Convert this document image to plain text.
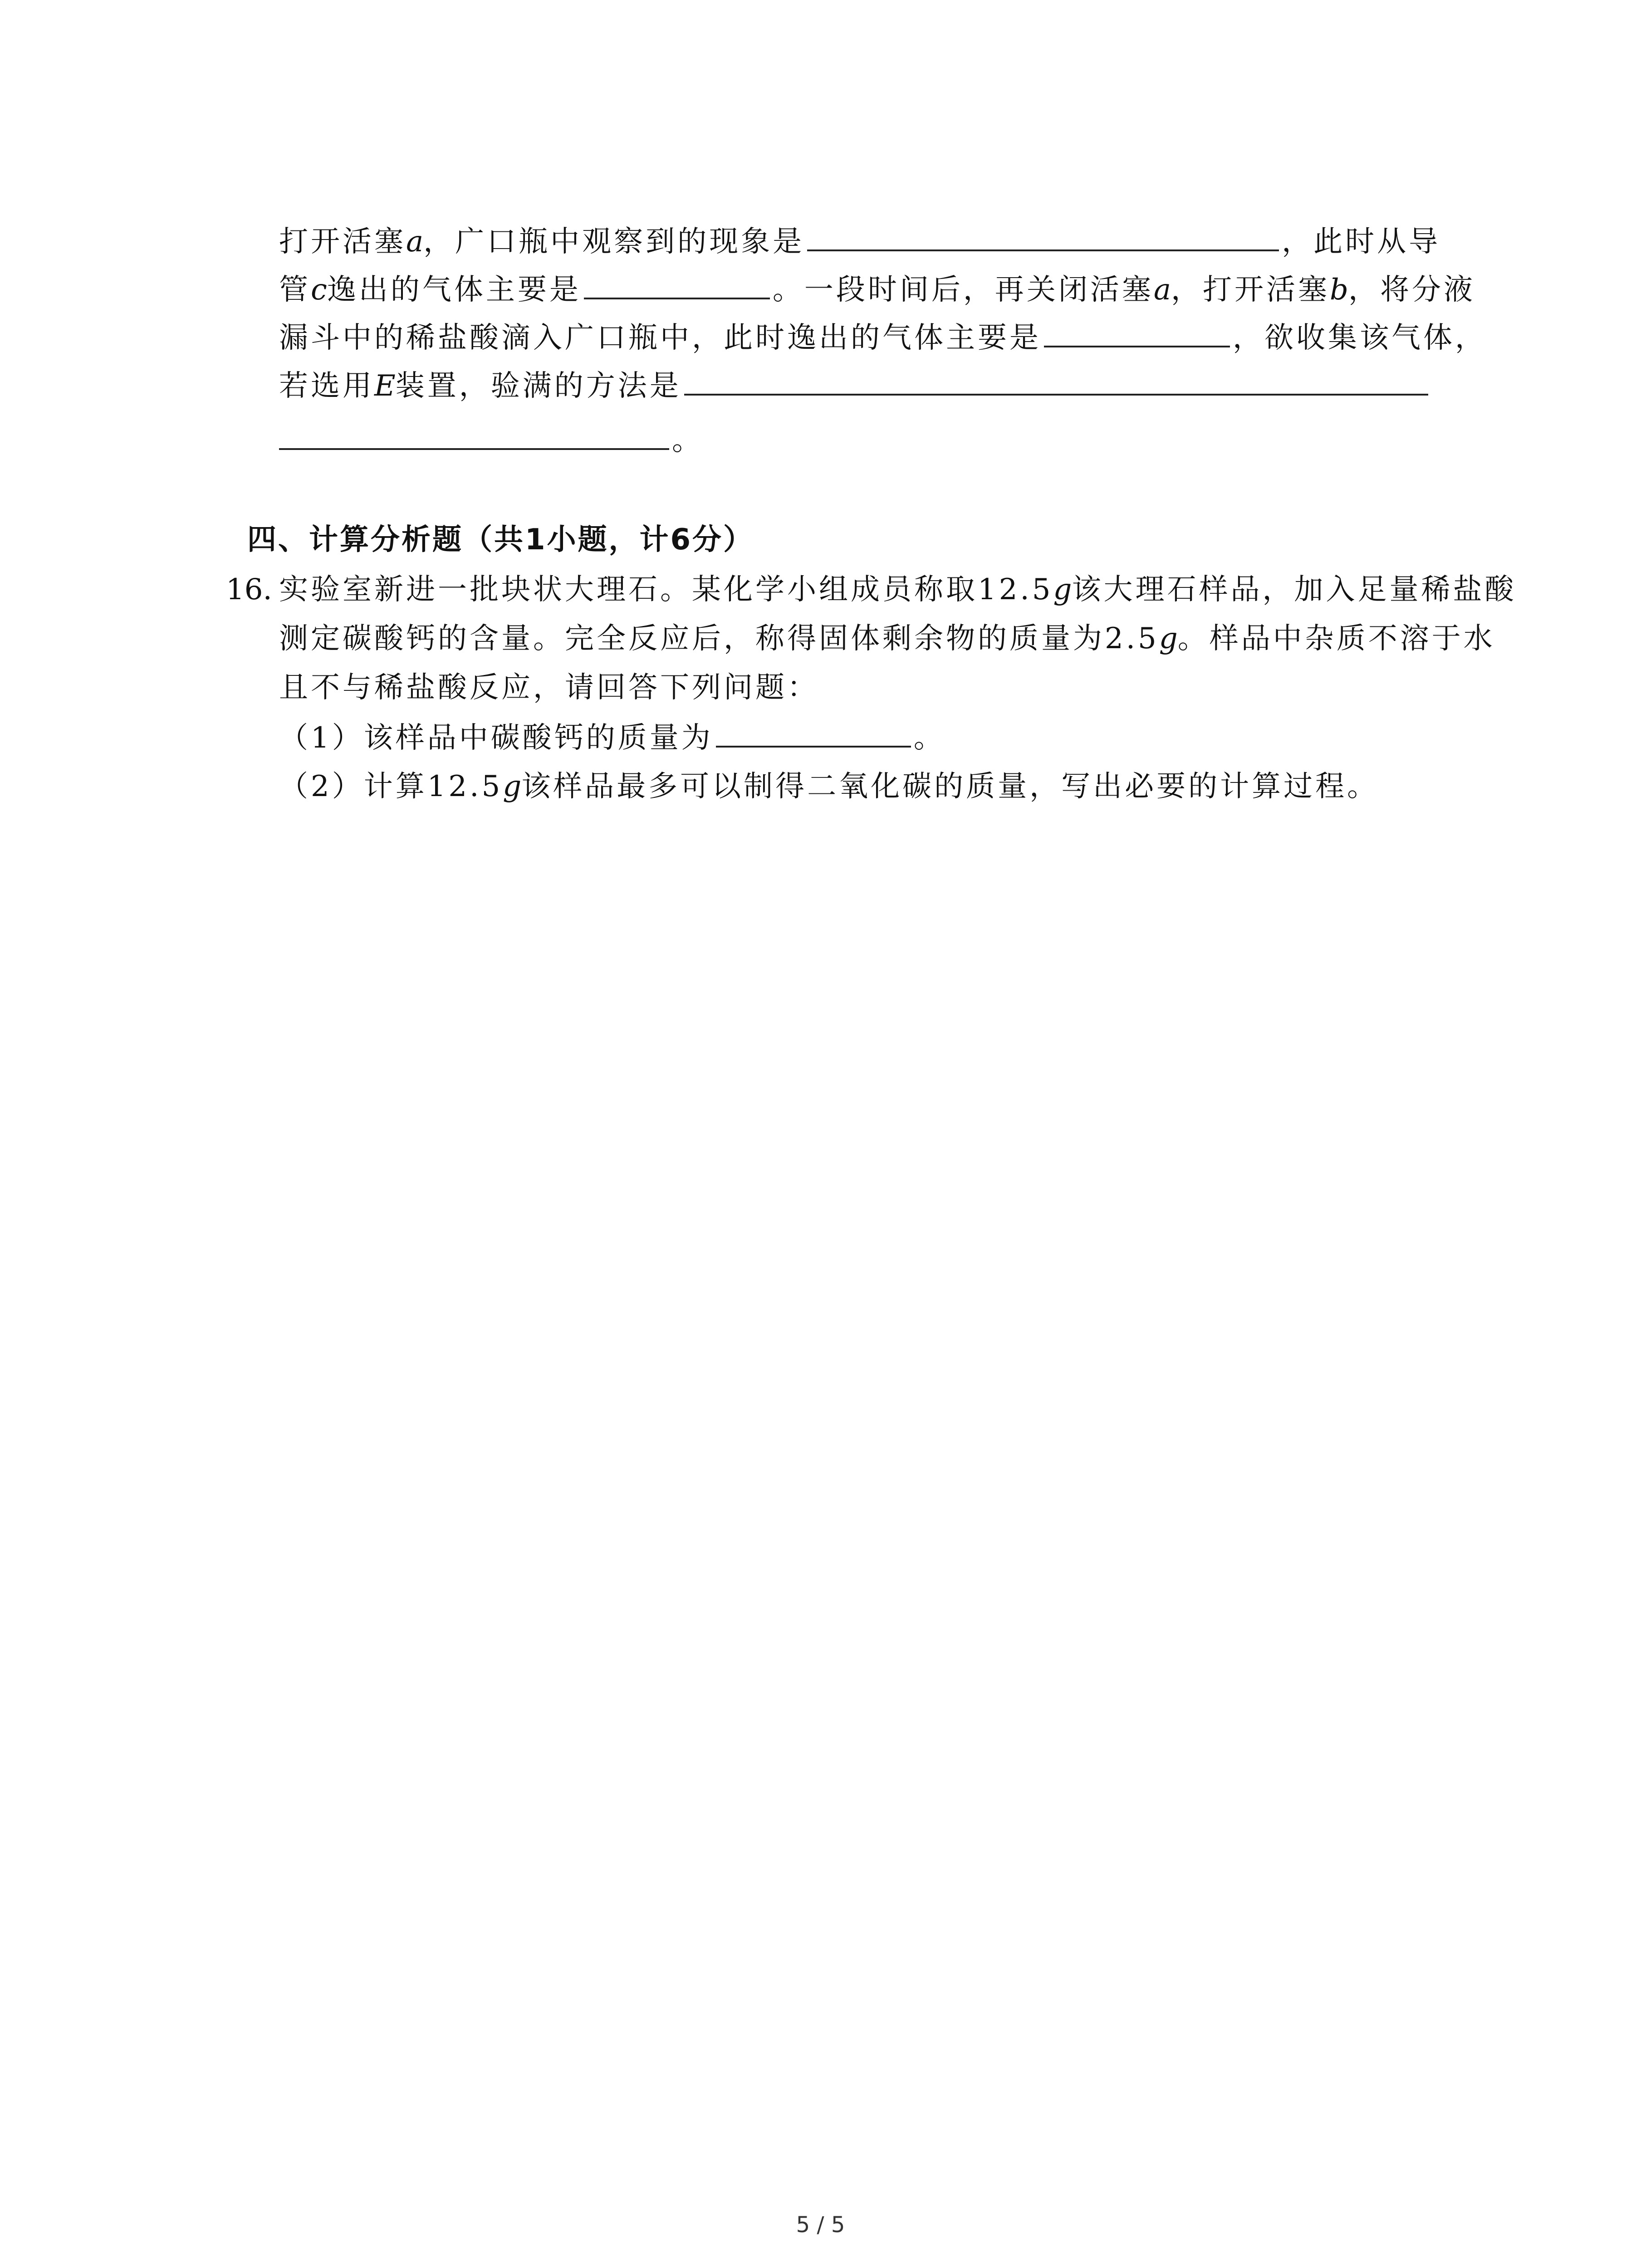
打开活塞a，广口瓶中观察到的现象是	，此时从导
管c逸出的气体主要是	。一段时间后，再关闭活塞a，打开活塞b，将分液
漏斗中的稀盐酸滴入广口瓶中，此时逸出的气体主要是	，欲收集该气体，
若选用E装置，验满的方法是
。
四、计算分析题（共1小题，计6分）
16. 实验室新进一批块状大理石。某化学小组成员称取12.5g该大理石样品，加入足量稀盐酸
测定碳酸钙的含量。完全反应后，称得固体剩余物的质量为2.5g。样品中杂质不溶于水
且不与稀盐酸反应，请回答下列问题：
（1）该样品中碳酸钙的质量为	。
（2）计算12.5g该样品最多可以制得二氧化碳的质量，写出必要的计算过程。
5 / 5
